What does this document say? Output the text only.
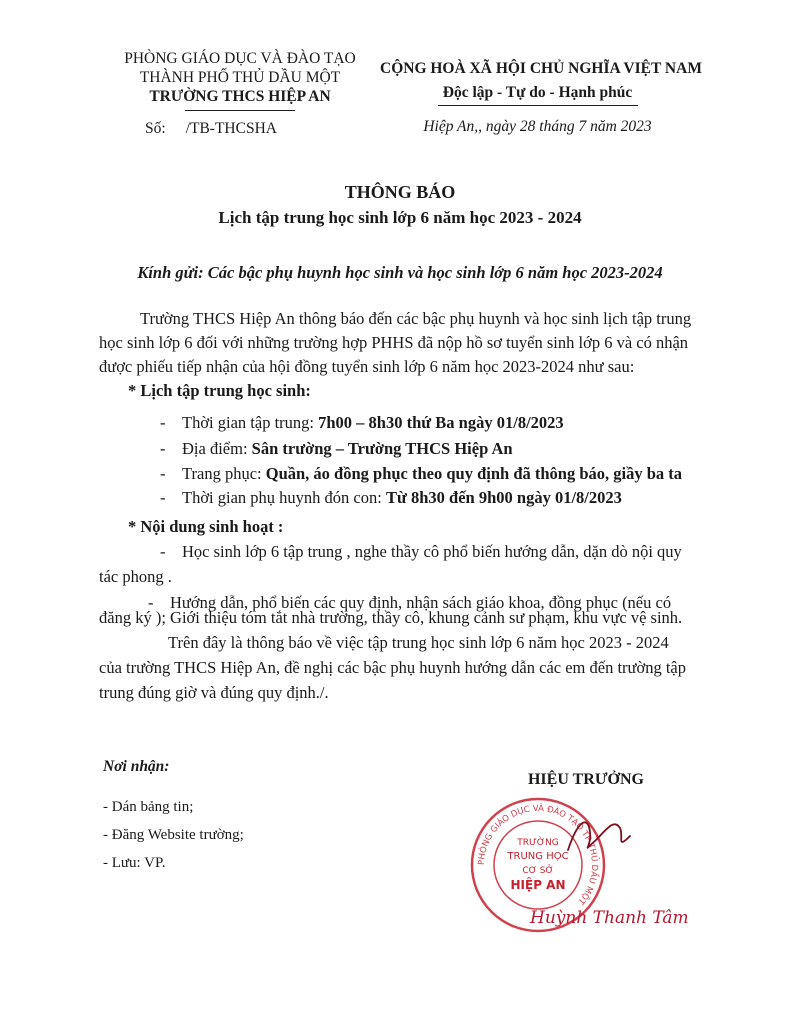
PHÒNG GIÁO DỤC VÀ ĐÀO TẠO
THÀNH PHỐ THỦ DẦU MỘT
TRƯỜNG THCS HIỆP AN
Số: /TB-THCSHA
CỘNG HOÀ XÃ HỘI CHỦ NGHĨA VIỆT NAM
Độc lập - Tự do - Hạnh phúc
Hiệp An,, ngày 28 tháng 7 năm 2023
THÔNG BÁO
Lịch tập trung học sinh lớp 6 năm học 2023 - 2024
Kính gửi: Các bậc phụ huynh học sinh và học sinh lớp 6 năm học 2023-2024
Trường THCS Hiệp An thông báo đến các bậc phụ huynh và học sinh lịch tập trung
học sinh lớp 6 đối với những trường hợp PHHS đã nộp hồ sơ tuyển sinh lớp 6 và có nhận
được phiếu tiếp nhận của hội đồng tuyển sinh lớp 6 năm học 2023-2024 như sau:
* Lịch tập trung học sinh:
- Thời gian tập trung: 7h00 – 8h30 thứ Ba ngày 01/8/2023
- Địa điểm: Sân trường – Trường THCS Hiệp An
- Trang phục: Quần, áo đồng phục theo quy định đã thông báo, giầy ba ta
- Thời gian phụ huynh đón con: Từ 8h30 đến 9h00 ngày 01/8/2023
* Nội dung sinh hoạt :
- Học sinh lớp 6 tập trung , nghe thầy cô phổ biến hướng dẫn, dặn dò nội quy
tác phong .
- Hướng dẫn, phổ biến các quy định, nhận sách giáo khoa, đồng phục (nếu có
đăng ký ); Giới thiệu tóm tắt nhà trường, thầy cô, khung cảnh sư phạm, khu vực vệ sinh.
Trên đây là thông báo về việc tập trung học sinh lớp 6 năm học 2023 - 2024
của trường THCS Hiệp An, đề nghị các bậc phụ huynh hướng dẫn các em đến trường tập
trung đúng giờ và đúng quy định./.
Nơi nhận:
- Dán bảng tin;
- Đăng Website trường;
- Lưu: VP.
HIỆU TRƯỞNG
PHÒNG GIÁO DỤC VÀ ĐÀO TẠO TP THỦ DẦU MỘT
TRƯỜNG
TRUNG HỌC
CƠ SỞ
HIỆP AN
Huỳnh Thanh Tâm
